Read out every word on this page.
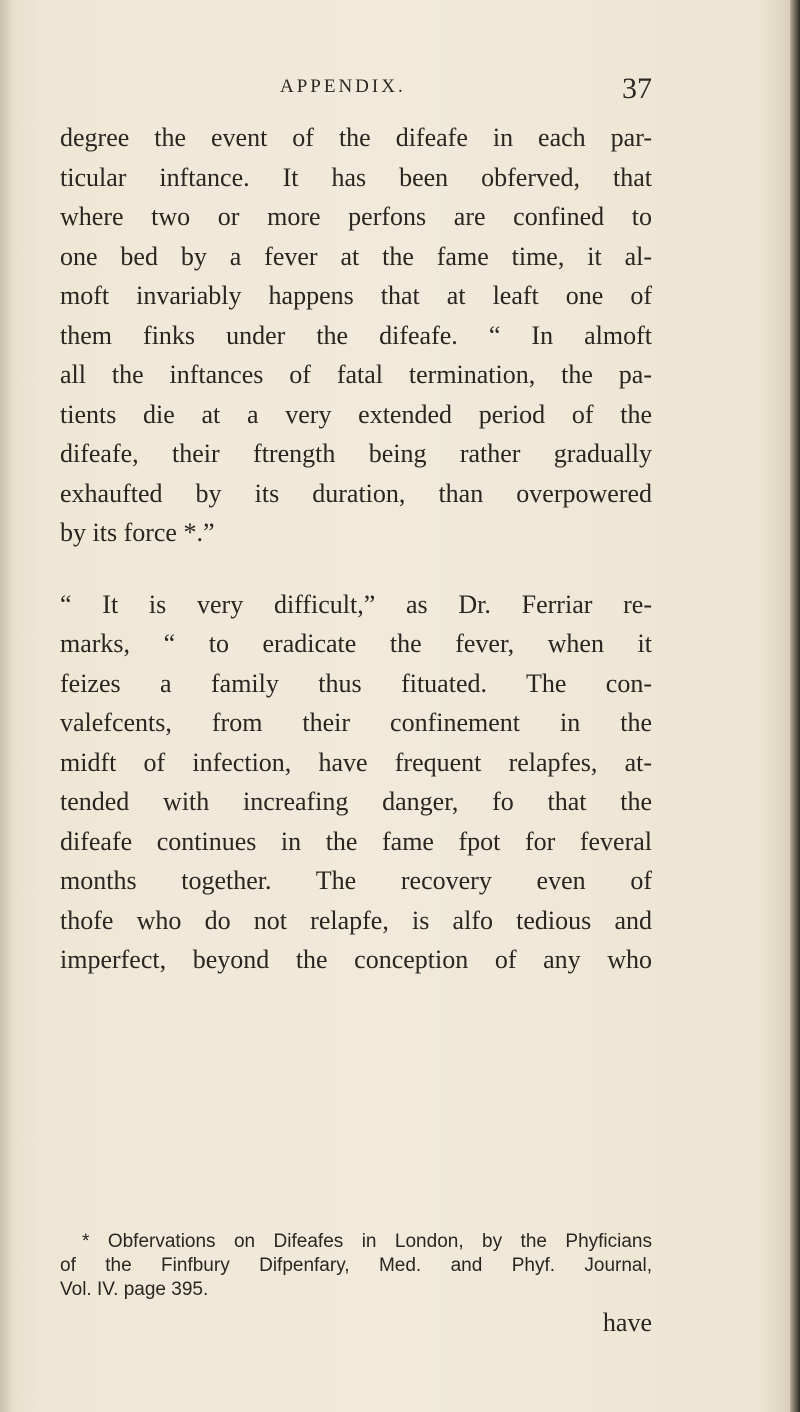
APPENDIX.	37
degree the event of the difeafe in each par-
ticular inftance. It has been obferved, that
where two or more perfons are confined to
one bed by a fever at the fame time, it al-
moft invariably happens that at leaft one of
them finks under the difeafe. “ In almoft
all the inftances of fatal termination, the pa-
tients die at a very extended period of the
difeafe, their ftrength being rather gradually
exhaufted by its duration, than overpowered
by its force *.”
“ It is very difficult,” as Dr. Ferriar re-
marks, “ to eradicate the fever, when it
feizes a family thus fituated. The con-
valefcents, from their confinement in the
midft of infection, have frequent relapfes, at-
tended with increafing danger, fo that the
difeafe continues in the fame fpot for feveral
months together. The recovery even of
thofe who do not relapfe, is alfo tedious and
imperfect, beyond the conception of any who
* Obfervations on Difeafes in London, by the Phyficians
of the Finfbury Difpenfary, Med. and Phyf. Journal,
Vol. IV. page 395.
have
